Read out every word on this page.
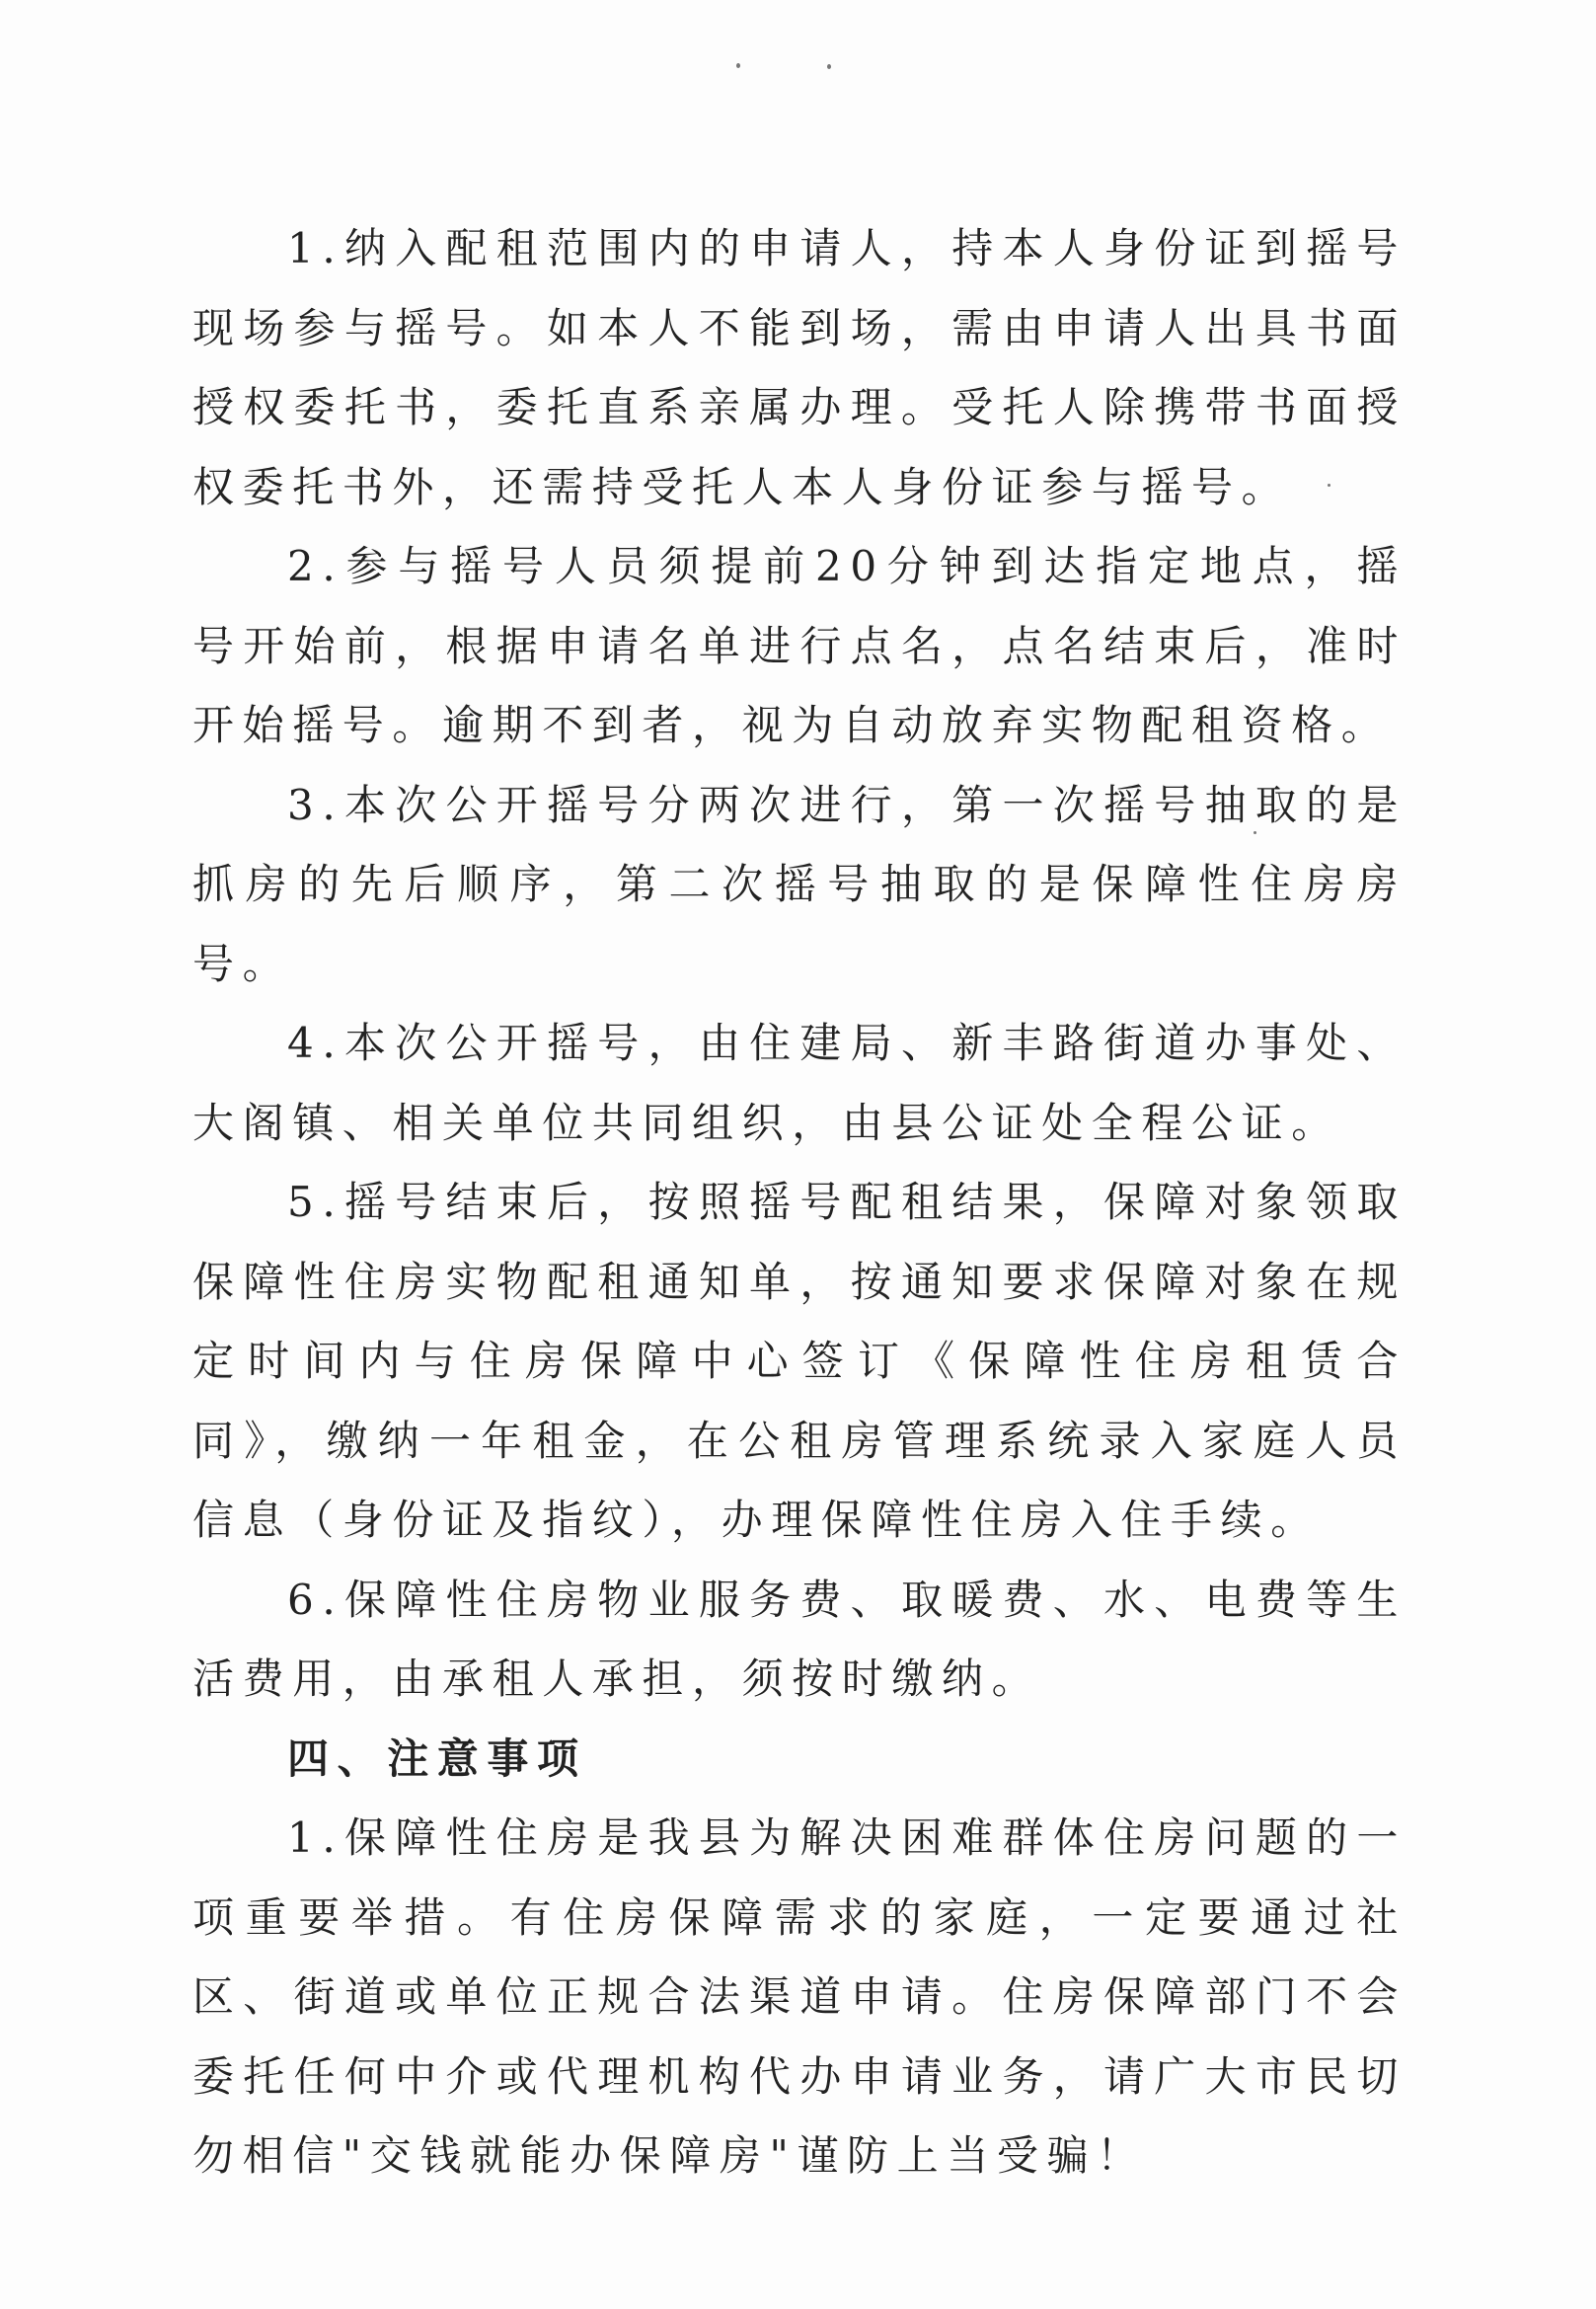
1.纳入配租范围内的申请人，持本人身份证到摇号现场参与摇号。如本人不能到场，需由申请人出具书面授权委托书，委托直系亲属办理。受托人除携带书面授权委托书外，还需持受托人本人身份证参与摇号。

2.参与摇号人员须提前20分钟到达指定地点，摇号开始前，根据申请名单进行点名，点名结束后，准时开始摇号。逾期不到者，视为自动放弃实物配租资格。

3.本次公开摇号分两次进行，第一次摇号抽取的是抓房的先后顺序，第二次摇号抽取的是保障性住房房号。

4.本次公开摇号，由住建局、新丰路街道办事处、大阁镇、相关单位共同组织，由县公证处全程公证。

5.摇号结束后，按照摇号配租结果，保障对象领取保障性住房实物配租通知单，按通知要求保障对象在规定时间内与住房保障中心签订《保障性住房租赁合同》，缴纳一年租金，在公租房管理系统录入家庭人员信息（身份证及指纹），办理保障性住房入住手续。

6.保障性住房物业服务费、取暖费、水、电费等生活费用，由承租人承担，须按时缴纳。

四、注意事项

1.保障性住房是我县为解决困难群体住房问题的一项重要举措。有住房保障需求的家庭，一定要通过社区、街道或单位正规合法渠道申请。住房保障部门不会委托任何中介或代理机构代办申请业务，请广大市民切勿相信"交钱就能办保障房"谨防上当受骗！
